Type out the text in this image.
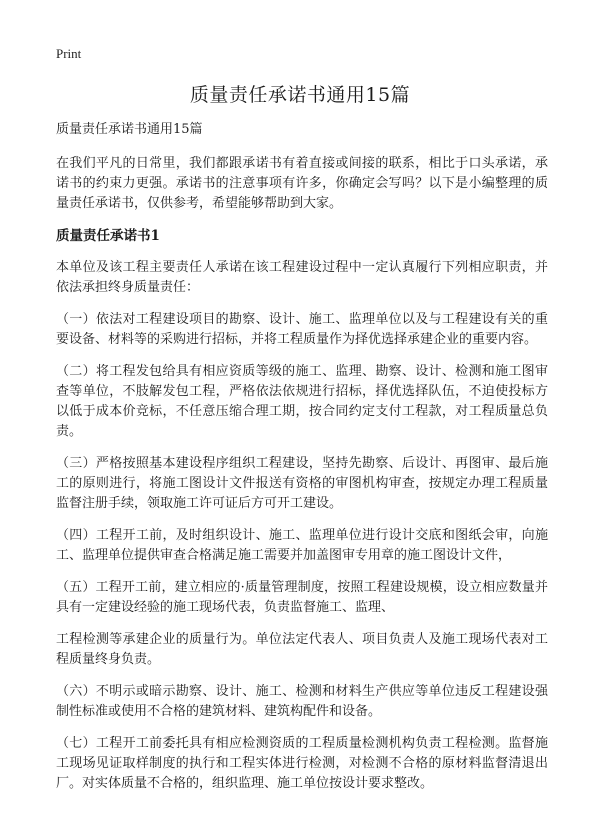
Print
质量责任承诺书通用15篇

质量责任承诺书通用15篇

在我们平凡的日常里，我们都跟承诺书有着直接或间接的联系，相比于口头承诺，承诺书的约束力更强。承诺书的注意事项有许多，你确定会写吗？以下是小编整理的质量责任承诺书，仅供参考，希望能够帮助到大家。

质量责任承诺书1

本单位及该工程主要责任人承诺在该工程建设过程中一定认真履行下列相应职责，并依法承担终身质量责任：

（一）依法对工程建设项目的勘察、设计、施工、监理单位以及与工程建设有关的重要设备、材料等的采购进行招标，并将工程质量作为择优选择承建企业的重要内容。

（二）将工程发包给具有相应资质等级的施工、监理、勘察、设计、检测和施工图审查等单位，不肢解发包工程，严格依法依规进行招标，择优选择队伍，不迫使投标方以低于成本价竞标，不任意压缩合理工期，按合同约定支付工程款，对工程质量总负责。

（三）严格按照基本建设程序组织工程建设，坚持先勘察、后设计、再图审、最后施工的原则进行，将施工图设计文件报送有资格的审图机构审查，按规定办理工程质量监督注册手续，领取施工许可证后方可开工建设。

（四）工程开工前，及时组织设计、施工、监理单位进行设计交底和图纸会审，向施工、监理单位提供审查合格满足施工需要并加盖图审专用章的施工图设计文件，

（五）工程开工前，建立相应的·质量管理制度，按照工程建设规模，设立相应数量并具有一定建设经验的施工现场代表，负责监督施工、监理、

工程检测等承建企业的质量行为。单位法定代表人、项目负责人及施工现场代表对工程质量终身负责。

（六）不明示或暗示勘察、设计、施工、检测和材料生产供应等单位违反工程建设强制性标准或使用不合格的建筑材料、建筑构配件和设备。

（七）工程开工前委托具有相应检测资质的工程质量检测机构负责工程检测。监督施工现场见证取样制度的执行和工程实体进行检测，对检测不合格的原材料监督清退出厂。对实体质量不合格的，组织监理、施工单位按设计要求整改。
